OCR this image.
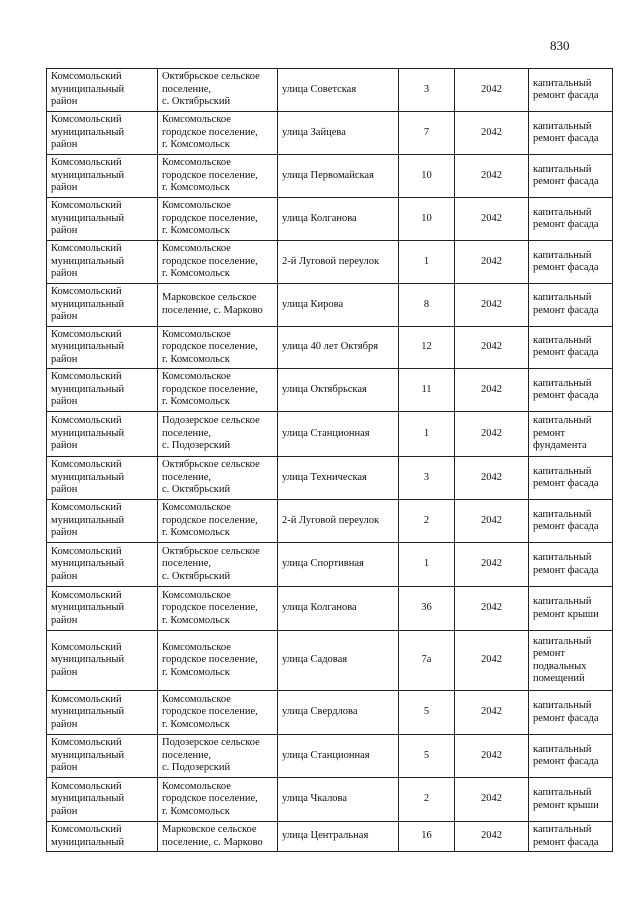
830
Комсомольский
муниципальный
район	Октябрьское сельское
поселение,
с. Октябрьский	улица Советская	3	2042	капитальный
ремонт фасада
Комсомольский
муниципальный
район	Комсомольское
городское поселение,
г. Комсомольск	улица Зайцева	7	2042	капитальный
ремонт фасада
Комсомольский
муниципальный
район	Комсомольское
городское поселение,
г. Комсомольск	улица Первомайская	10	2042	капитальный
ремонт фасада
Комсомольский
муниципальный
район	Комсомольское
городское поселение,
г. Комсомольск	улица Колганова	10	2042	капитальный
ремонт фасада
Комсомольский
муниципальный
район	Комсомольское
городское поселение,
г. Комсомольск	2-й Луговой переулок	1	2042	капитальный
ремонт фасада
Комсомольский
муниципальный
район	Марковское сельское
поселение, с. Марково	улица Кирова	8	2042	капитальный
ремонт фасада
Комсомольский
муниципальный
район	Комсомольское
городское поселение,
г. Комсомольск	улица 40 лет Октября	12	2042	капитальный
ремонт фасада
Комсомольский
муниципальный
район	Комсомольское
городское поселение,
г. Комсомольск	улица Октябрьская	11	2042	капитальный
ремонт фасада
Комсомольский
муниципальный
район	Подозерское сельское
поселение,
с. Подозерский	улица Станционная	1	2042	капитальный
ремонт
фундамента
Комсомольский
муниципальный
район	Октябрьское сельское
поселение,
с. Октябрьский	улица Техническая	3	2042	капитальный
ремонт фасада
Комсомольский
муниципальный
район	Комсомольское
городское поселение,
г. Комсомольск	2-й Луговой переулок	2	2042	капитальный
ремонт фасада
Комсомольский
муниципальный
район	Октябрьское сельское
поселение,
с. Октябрьский	улица Спортивная	1	2042	капитальный
ремонт фасада
Комсомольский
муниципальный
район	Комсомольское
городское поселение,
г. Комсомольск	улица Колганова	36	2042	капитальный
ремонт крыши
Комсомольский
муниципальный
район	Комсомольское
городское поселение,
г. Комсомольск	улица Садовая	7а	2042	капитальный
ремонт
подвальных
помещений
Комсомольский
муниципальный
район	Комсомольское
городское поселение,
г. Комсомольск	улица Свердлова	5	2042	капитальный
ремонт фасада
Комсомольский
муниципальный
район	Подозерское сельское
поселение,
с. Подозерский	улица Станционная	5	2042	капитальный
ремонт фасада
Комсомольский
муниципальный
район	Комсомольское
городское поселение,
г. Комсомольск	улица Чкалова	2	2042	капитальный
ремонт крыши
Комсомольский
муниципальный	Марковское сельское
поселение, с. Марково	улица Центральная	16	2042	капитальный
ремонт фасада
